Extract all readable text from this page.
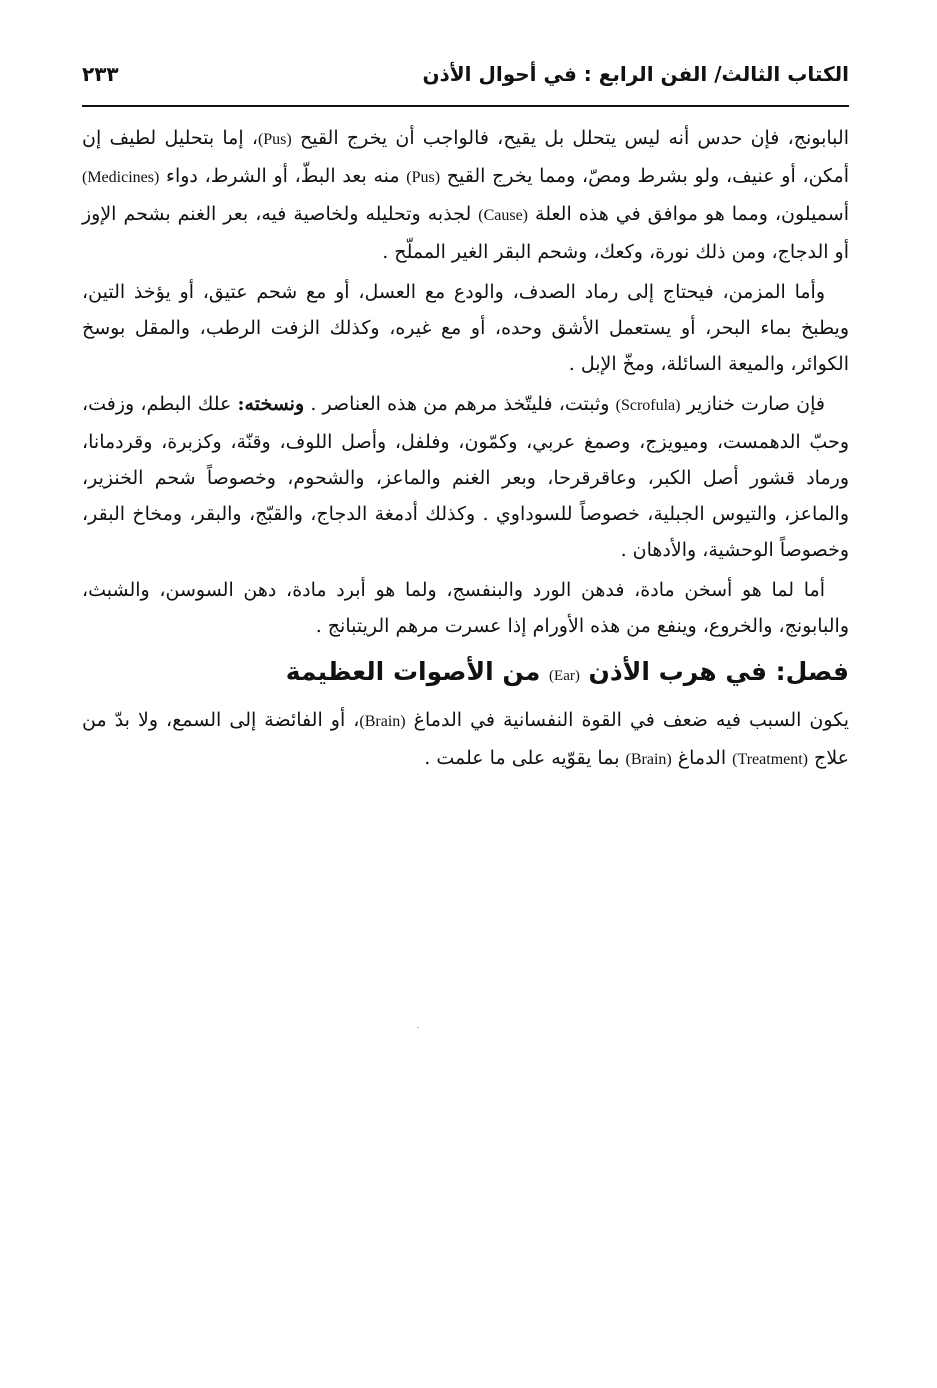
الكتاب الثالث/ الفن الرابع : في أحوال الأذن
٢٣٣

البابونج، فإن حدس أنه ليس يتحلل بل يقيح، فالواجب أن يخرج القيح (Pus)، إما بتحليل لطيف إن أمكن، أو عنيف، ولو بشرط ومصّ، ومما يخرج القيح (Pus) منه بعد البطّ، أو الشرط، دواء (Medicines) أسميلون، ومما هو موافق في هذه العلة (Cause) لجذبه وتحليله ولخاصية فيه، بعر الغنم بشحم الإوز أو الدجاج، ومن ذلك نورة، وكعك، وشحم البقر الغير المملّح .

وأما المزمن، فيحتاج إلى رماد الصدف، والودع مع العسل، أو مع شحم عتيق، أو يؤخذ التين، ويطبخ بماء البحر، أو يستعمل الأشق وحده، أو مع غيره، وكذلك الزفت الرطب، والمقل بوسخ الكوائر، والميعة السائلة، ومخّ الإبل .

فإن صارت خنازير (Scrofula) وثبتت، فليتّخذ مرهم من هذه العناصر . ونسخته: علك البطم، وزفت، وحبّ الدهمست، وميويزج، وصمغ عربي، وكمّون، وفلفل، وأصل اللوف، وقنّة، وكزبرة، وقردمانا، ورماد قشور أصل الكبر، وعاقرقرحا، وبعر الغنم والماعز، والشحوم، وخصوصاً شحم الخنزير، والماعز، والتيوس الجبلية، خصوصاً للسوداوي . وكذلك أدمغة الدجاج، والقبّج، والبقر، ومخاخ البقر، وخصوصاً الوحشية، والأدهان .

أما لما هو أسخن مادة، فدهن الورد والبنفسج، ولما هو أبرد مادة، دهن السوسن، والشبث، والبابونج، والخروع، وينفع من هذه الأورام إذا عسرت مرهم الريتبانج .

فصل: في هرب الأذن (Ear) من الأصوات العظيمة

يكون السبب فيه ضعف في القوة النفسانية في الدماغ (Brain)، أو الفائضة إلى السمع، ولا بدّ من علاج (Treatment) الدماغ (Brain) بما يقوّيه على ما علمت .
